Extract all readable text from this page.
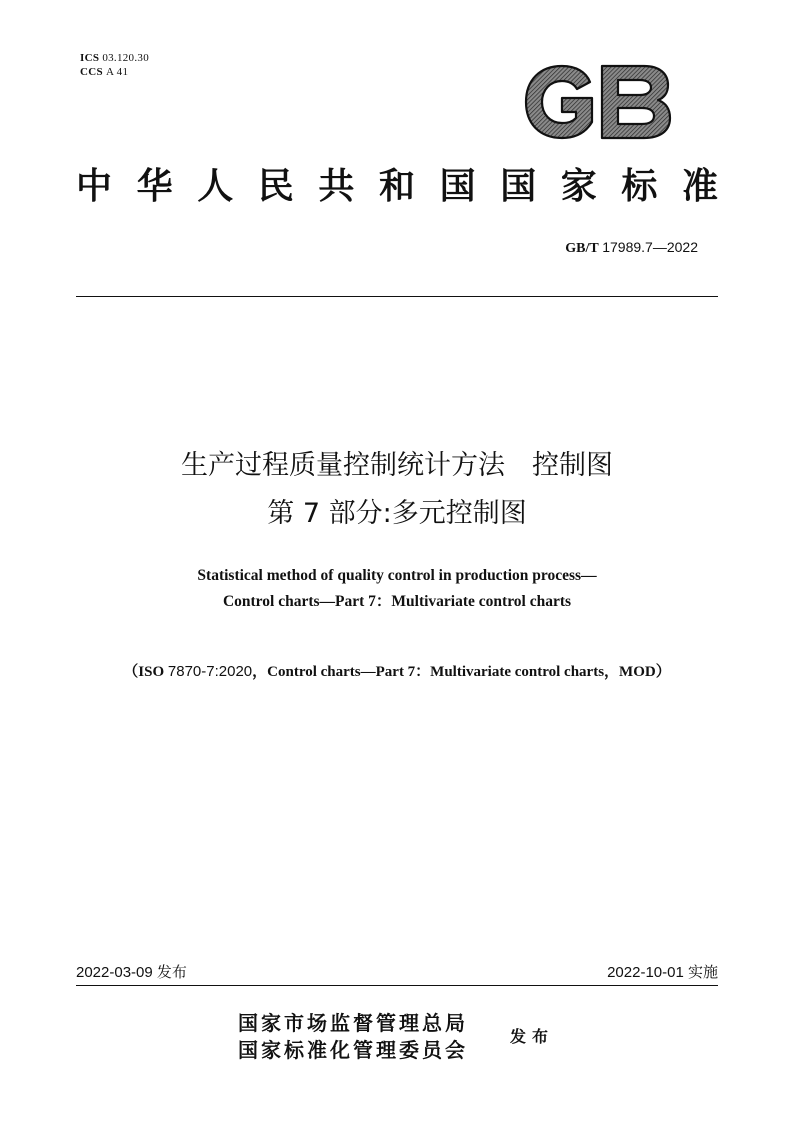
ICS 03.120.30
CCS A 41
中华人民共和国国家标准
GB/T 17989.7—2022
生产过程质量控制统计方法　控制图
第 7 部分:多元控制图
Statistical method of quality control in production process—
Control charts—Part 7：Multivariate control charts
（ISO 7870-7:2020，Control charts—Part 7：Multivariate control charts，MOD）
2022-03-09 发布	2022-10-01 实施
国家市场监督管理总局
国家标准化管理委员会
发布
